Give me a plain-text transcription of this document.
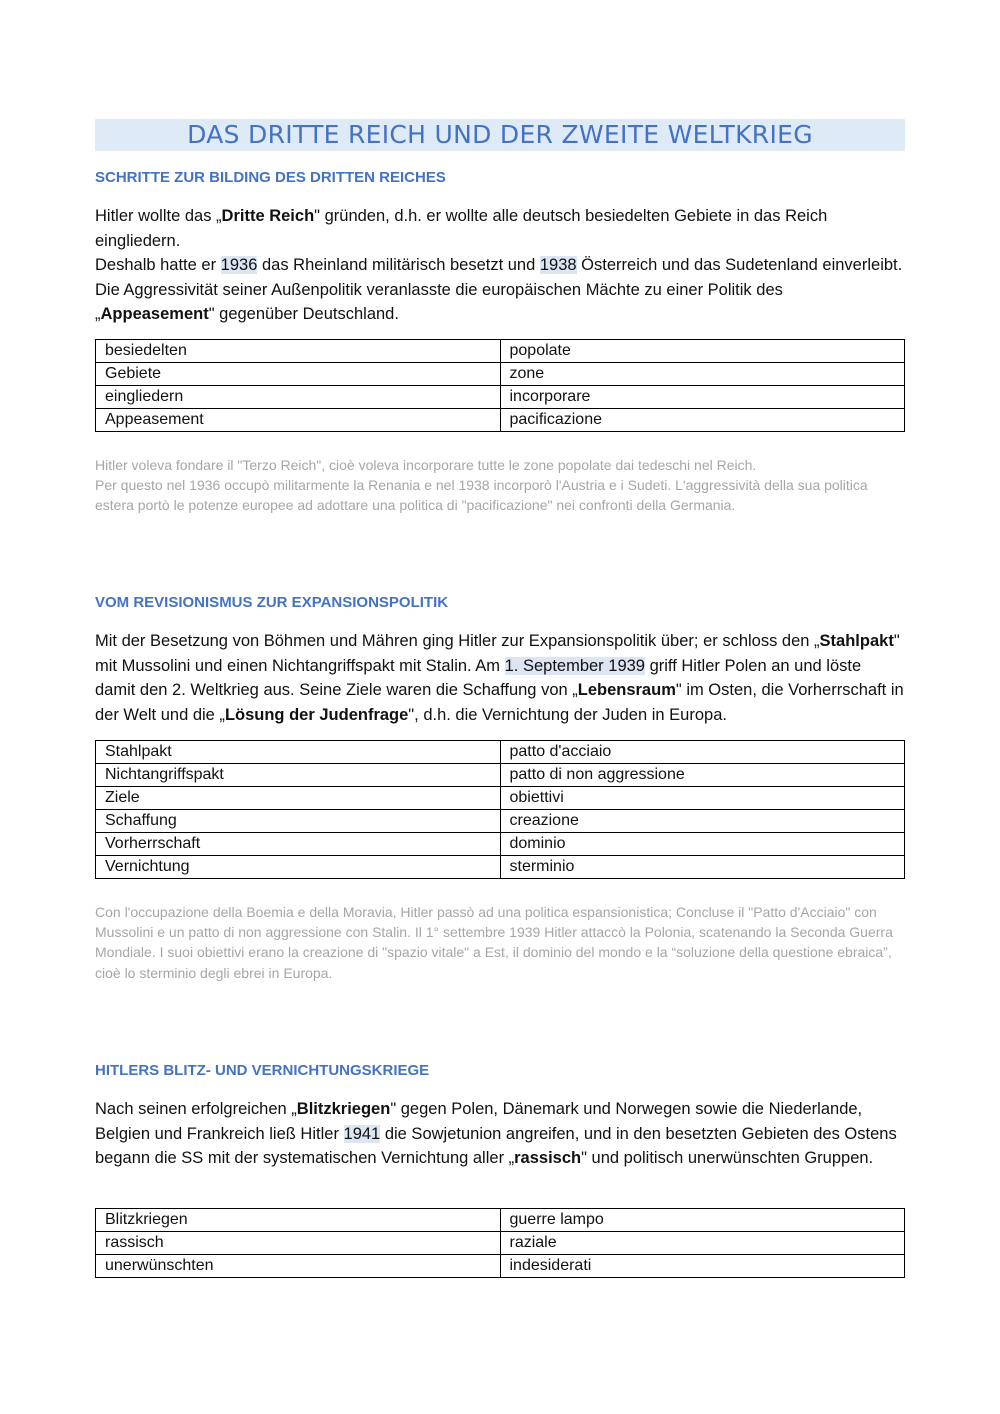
DAS DRITTE REICH UND DER ZWEITE WELTKRIEG
SCHRITTE ZUR BILDING DES DRITTEN REICHES

Hitler wollte das „Dritte Reich" gründen, d.h. er wollte alle deutsch besiedelten Gebiete in das Reich eingliedern.

Deshalb hatte er 1936 das Rheinland militärisch besetzt und 1938 Österreich und das Sudetenland einverleibt. Die Aggressivität seiner Außenpolitik veranlasste die europäischen Mächte zu einer Politik des „Appeasement" gegenüber Deutschland.

besiedelten	popolate
Gebiete	zone
eingliedern	incorporare
Appeasement	pacificazione

Hitler voleva fondare il "Terzo Reich", cioè voleva incorporare tutte le zone popolate dai tedeschi nel Reich.

Per questo nel 1936 occupò militarmente la Renania e nel 1938 incorporò l'Austria e i Sudeti. L'aggressività della sua politica estera portò le potenze europee ad adottare una politica di "pacificazione" nei confronti della Germania.

VOM REVISIONISMUS ZUR EXPANSIONSPOLITIK

Mit der Besetzung von Böhmen und Mähren ging Hitler zur Expansionspolitik über; er schloss den „Stahlpakt" mit Mussolini und einen Nichtangriffspakt mit Stalin. Am 1. September 1939 griff Hitler Polen an und löste damit den 2. Weltkrieg aus. Seine Ziele waren die Schaffung von „Lebensraum" im Osten, die Vorherrschaft in der Welt und die „Lösung der Judenfrage", d.h. die Vernichtung der Juden in Europa.

Stahlpakt	patto d'acciaio
Nichtangriffspakt	patto di non aggressione
Ziele	obiettivi
Schaffung	creazione
Vorherrschaft	dominio
Vernichtung	sterminio

Con l'occupazione della Boemia e della Moravia, Hitler passò ad una politica espansionistica; Concluse il "Patto d'Acciaio" con Mussolini e un patto di non aggressione con Stalin. Il 1° settembre 1939 Hitler attaccò la Polonia, scatenando la Seconda Guerra Mondiale. I suoi obiettivi erano la creazione di "spazio vitale" a Est, il dominio del mondo e la “soluzione della questione ebraica”, cioè lo sterminio degli ebrei in Europa.

HITLERS BLITZ- UND VERNICHTUNGSKRIEGE

Nach seinen erfolgreichen „Blitzkriegen" gegen Polen, Dänemark und Norwegen sowie die Niederlande, Belgien und Frankreich ließ Hitler 1941 die Sowjetunion angreifen, und in den besetzten Gebieten des Ostens begann die SS mit der systematischen Vernichtung aller „rassisch" und politisch unerwünschten Gruppen.

Blitzkriegen	guerre lampo
rassisch	raziale
unerwünschten	indesiderati
